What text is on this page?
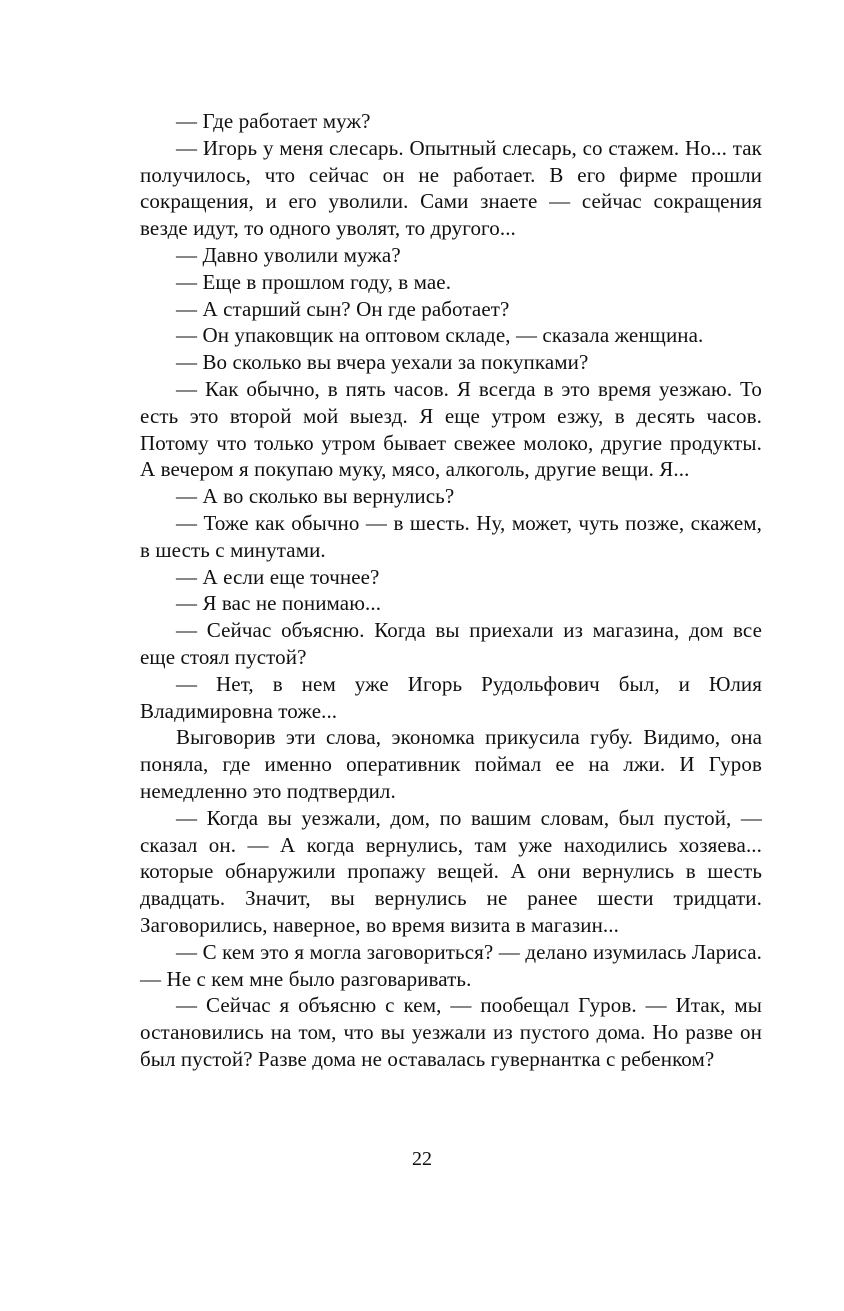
— Где работает муж?

— Игорь у меня слесарь. Опытный слесарь, со стажем. Но... так получилось, что сейчас он не работает. В его фирме прошли сокращения, и его уволили. Сами знаете — сейчас сокращения везде идут, то одного уволят, то другого...

— Давно уволили мужа?

— Еще в прошлом году, в мае.

— А старший сын? Он где работает?

— Он упаковщик на оптовом складе, — сказала женщина.

— Во сколько вы вчера уехали за покупками?

— Как обычно, в пять часов. Я всегда в это время уезжаю. То есть это второй мой выезд. Я еще утром езжу, в десять часов. Потому что только утром бывает свежее молоко, другие продукты. А вечером я покупаю муку, мясо, алкоголь, другие вещи. Я...

— А во сколько вы вернулись?

— Тоже как обычно — в шесть. Ну, может, чуть позже, скажем, в шесть с минутами.

— А если еще точнее?

— Я вас не понимаю...

— Сейчас объясню. Когда вы приехали из магазина, дом все еще стоял пустой?

— Нет, в нем уже Игорь Рудольфович был, и Юлия Владимировна тоже...

Выговорив эти слова, экономка прикусила губу. Видимо, она поняла, где именно оперативник поймал ее на лжи. И Гуров немедленно это подтвердил.

— Когда вы уезжали, дом, по вашим словам, был пустой, — сказал он. — А когда вернулись, там уже находились хозяева... которые обнаружили пропажу вещей. А они вернулись в шесть двадцать. Значит, вы вернулись не ранее шести тридцати. Заговорились, наверное, во время визита в магазин...

— С кем это я могла заговориться? — делано изумилась Лариса. — Не с кем мне было разговаривать.

— Сейчас я объясню с кем, — пообещал Гуров. — Итак, мы остановились на том, что вы уезжали из пустого дома. Но разве он был пустой? Разве дома не оставалась гувернантка с ребенком?

22
